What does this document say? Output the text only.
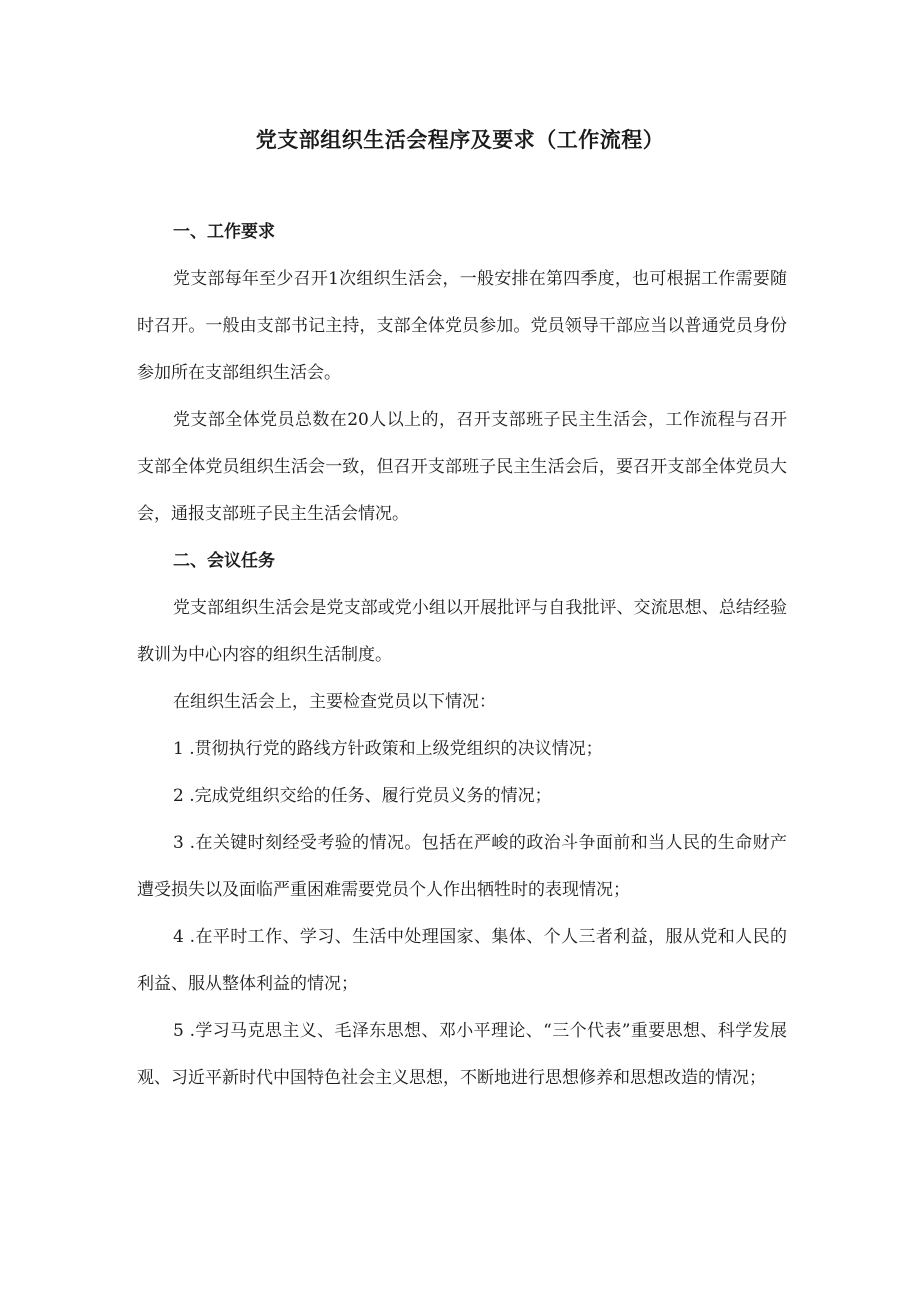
党支部组织生活会程序及要求（工作流程）

一、工作要求

党支部每年至少召开1次组织生活会，一般安排在第四季度，也可根据工作需要随时召开。一般由支部书记主持，支部全体党员参加。党员领导干部应当以普通党员身份参加所在支部组织生活会。

党支部全体党员总数在20人以上的，召开支部班子民主生活会，工作流程与召开支部全体党员组织生活会一致，但召开支部班子民主生活会后，要召开支部全体党员大会，通报支部班子民主生活会情况。

二、会议任务

党支部组织生活会是党支部或党小组以开展批评与自我批评、交流思想、总结经验教训为中心内容的组织生活制度。

在组织生活会上，主要检查党员以下情况：

1 .贯彻执行党的路线方针政策和上级党组织的决议情况；

2 .完成党组织交给的任务、履行党员义务的情况；

3 .在关键时刻经受考验的情况。包括在严峻的政治斗争面前和当人民的生命财产遭受损失以及面临严重困难需要党员个人作出牺牲时的表现情况；

4 .在平时工作、学习、生活中处理国家、集体、个人三者利益，服从党和人民的利益、服从整体利益的情况；

5 .学习马克思主义、毛泽东思想、邓小平理论、“三个代表”重要思想、科学发展观、习近平新时代中国特色社会主义思想，不断地进行思想修养和思想改造的情况；
